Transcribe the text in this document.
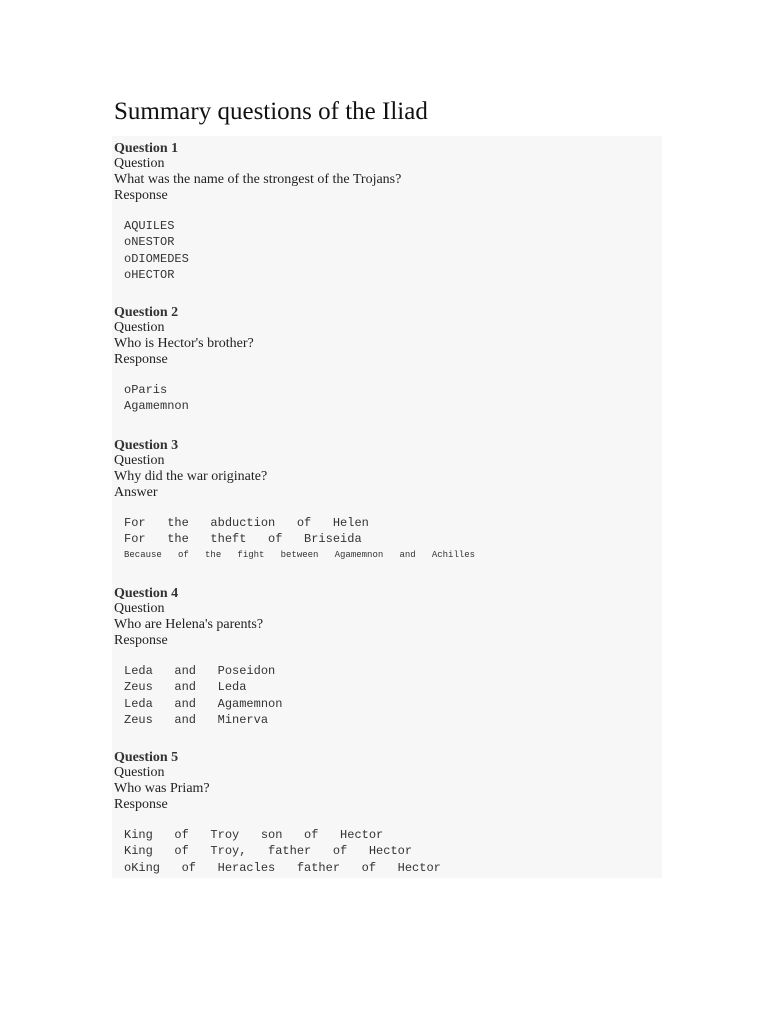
Summary questions of the Iliad
Question 1
Question
What was the name of the strongest of the Trojans?
Response
AQUILES
oNESTOR
oDIOMEDES
oHECTOR
Question 2
Question
Who is Hector's brother?
Response
oParis
Agamemnon
Question 3
Question
Why did the war originate?
Answer
For   the   abduction   of   Helen
For   the   theft   of   Briseida
Because   of   the   fight   between   Agamemnon   and   Achilles
Question 4
Question
Who are Helena's parents?
Response
Leda   and   Poseidon
Zeus   and   Leda
Leda   and   Agamemnon
Zeus   and   Minerva
Question 5
Question
Who was Priam?
Response
King   of   Troy   son   of   Hector
King   of   Troy,   father   of   Hector
oKing   of   Heracles   father   of   Hector
